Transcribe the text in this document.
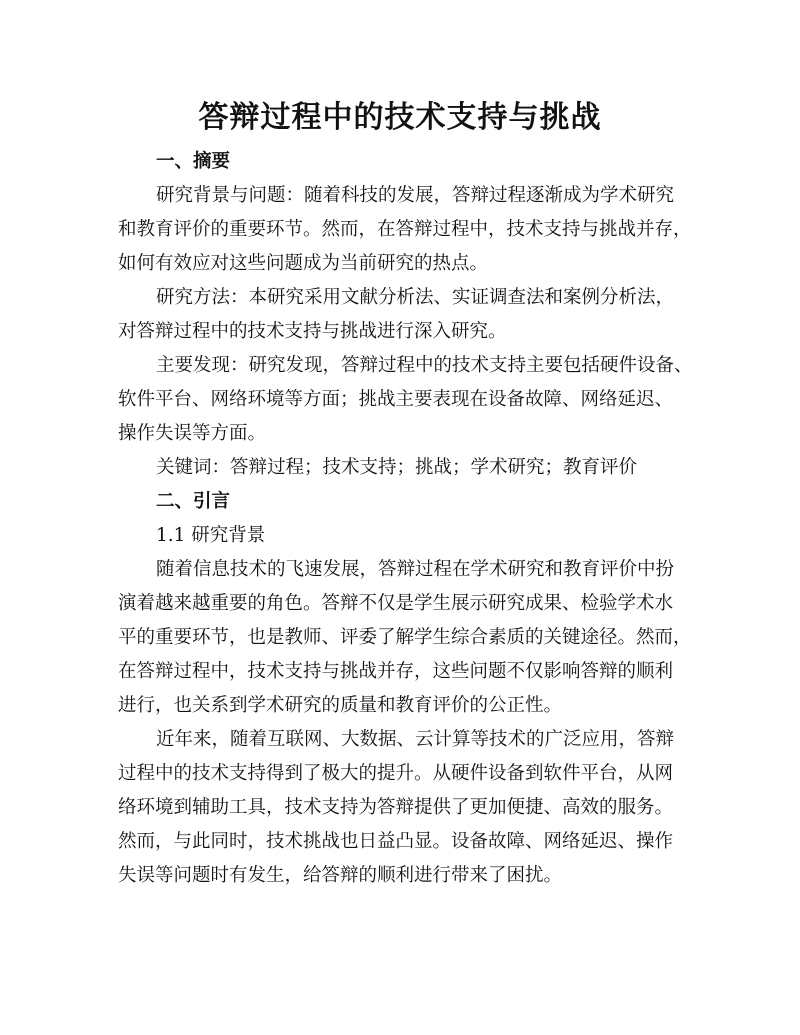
答辩过程中的技术支持与挑战
一、摘要
研究背景与问题：随着科技的发展，答辩过程逐渐成为学术研究
和教育评价的重要环节。然而，在答辩过程中，技术支持与挑战并存，
如何有效应对这些问题成为当前研究的热点。
研究方法：本研究采用文献分析法、实证调查法和案例分析法，
对答辩过程中的技术支持与挑战进行深入研究。
主要发现：研究发现，答辩过程中的技术支持主要包括硬件设备、
软件平台、网络环境等方面；挑战主要表现在设备故障、网络延迟、
操作失误等方面。
关键词：答辩过程；技术支持；挑战；学术研究；教育评价
二、引言
1.1 研究背景
随着信息技术的飞速发展，答辩过程在学术研究和教育评价中扮
演着越来越重要的角色。答辩不仅是学生展示研究成果、检验学术水
平的重要环节，也是教师、评委了解学生综合素质的关键途径。然而，
在答辩过程中，技术支持与挑战并存，这些问题不仅影响答辩的顺利
进行，也关系到学术研究的质量和教育评价的公正性。
近年来，随着互联网、大数据、云计算等技术的广泛应用，答辩
过程中的技术支持得到了极大的提升。从硬件设备到软件平台，从网
络环境到辅助工具，技术支持为答辩提供了更加便捷、高效的服务。
然而，与此同时，技术挑战也日益凸显。设备故障、网络延迟、操作
失误等问题时有发生，给答辩的顺利进行带来了困扰。
